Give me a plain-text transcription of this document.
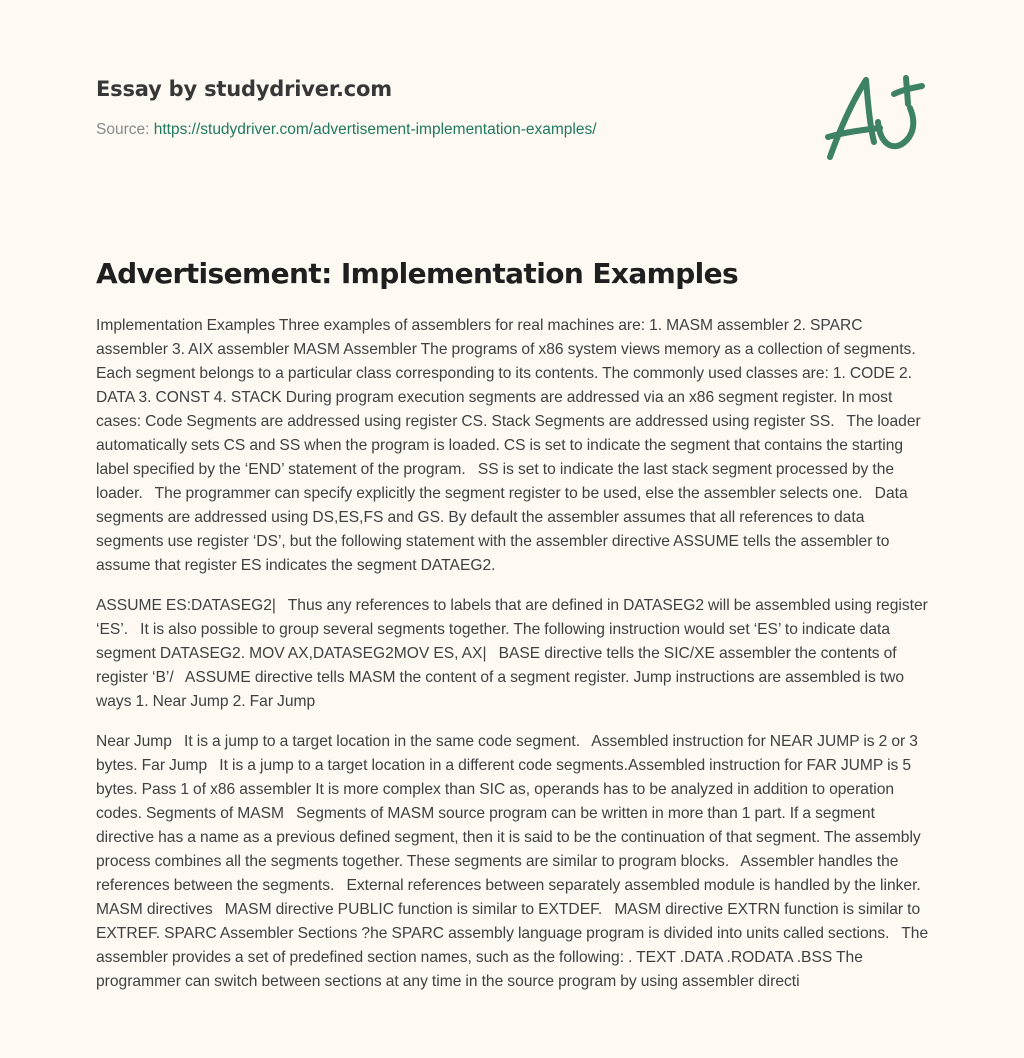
Essay by studydriver.com
Source: https://studydriver.com/advertisement-implementation-examples/
Advertisement: Implementation Examples

Implementation Examples Three examples of assemblers for real machines are: 1. MASM assembler 2. SPARC assembler 3. AIX assembler MASM Assembler The programs of x86 system views memory as a collection of segments. Each segment belongs to a particular class corresponding to its contents. The commonly used classes are: 1. CODE 2. DATA 3. CONST 4. STACK During program execution segments are addressed via an x86 segment register. In most cases: Code Segments are addressed using register CS. Stack Segments are addressed using register SS.   The loader automatically sets CS and SS when the program is loaded. CS is set to indicate the segment that contains the starting label specified by the ‘END’ statement of the program.   SS is set to indicate the last stack segment processed by the loader.   The programmer can specify explicitly the segment register to be used, else the assembler selects one.   Data segments are addressed using DS,ES,FS and GS. By default the assembler assumes that all references to data segments use register ‘DS’, but the following statement with the assembler directive ASSUME tells the assembler to assume that register ES indicates the segment DATAEG2.

ASSUME ES:DATASEG2|   Thus any references to labels that are defined in DATASEG2 will be assembled using register ‘ES’.   It is also possible to group several segments together. The following instruction would set ‘ES’ to indicate data segment DATASEG2. MOV AX,DATASEG2MOV ES, AX|   BASE directive tells the SIC/XE assembler the contents of register ‘B’/   ASSUME directive tells MASM the content of a segment register. Jump instructions are assembled is two ways 1. Near Jump 2. Far Jump

Near Jump   It is a jump to a target location in the same code segment.   Assembled instruction for NEAR JUMP is 2 or 3 bytes. Far Jump   It is a jump to a target location in a different code segments.Assembled instruction for FAR JUMP is 5 bytes. Pass 1 of x86 assembler It is more complex than SIC as, operands has to be analyzed in addition to operation codes. Segments of MASM   Segments of MASM source program can be written in more than 1 part. If a segment directive has a name as a previous defined segment, then it is said to be the continuation of that segment. The assembly process combines all the segments together. These segments are similar to program blocks.   Assembler handles the references between the segments.   External references between separately assembled module is handled by the linker. MASM directives   MASM directive PUBLIC function is similar to EXTDEF.   MASM directive EXTRN function is similar to EXTREF. SPARC Assembler Sections ?he SPARC assembly language program is divided into units called sections.   The assembler provides a set of predefined section names, such as the following: . TEXT .DATA .RODATA .BSS The programmer can switch between sections at any time in the source program by using assembler directi
